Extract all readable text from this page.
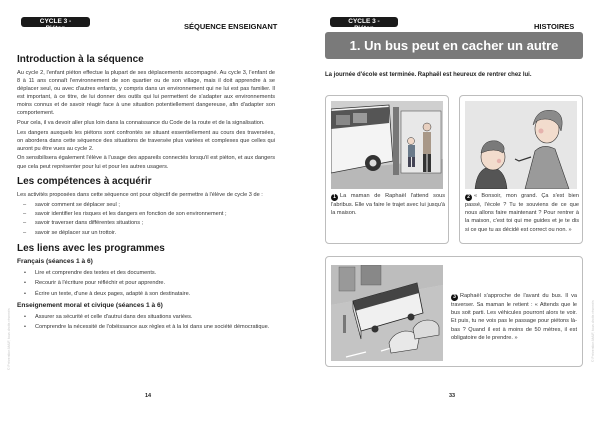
CYCLE 3 - Piéton	SÉQUENCE ENSEIGNANT
Introduction à la séquence

Au cycle 2, l'enfant piéton effectue la plupart de ses déplacements accompagné. Au cycle 3, l'enfant de 8 à 11 ans connaît l'environnement de son quartier ou de son village, mais il doit apprendre à se déplacer seul, ou avec d'autres enfants, y compris dans un environnement qui ne lui est pas familier. Il est important, à ce titre, de lui donner des outils qui lui permettent de s'adapter aux environnements moins connus et de savoir réagir face à une situation potentiellement dangereuse, afin d'adapter son comportement.

Pour cela, il va devoir aller plus loin dans la connaissance du Code de la route et de la signalisation.

Les dangers auxquels les piétons sont confrontés se situant essentiellement au cours des traversées, on abordera dans cette séquence des situations de traversée plus variées et complexes que celles qui auront pu être vues au cycle 2.

On sensibilisera également l'élève à l'usage des appareils connectés lorsqu'il est piéton, et aux dangers que cela peut représenter pour lui et pour les autres usagers.

Les compétences à acquérir

Les activités proposées dans cette séquence ont pour objectif de permettre à l'élève de cycle 3 de :

– savoir comment se déplacer seul ;
– savoir identifier les risques et les dangers en fonction de son environnement ;
– savoir traverser dans différentes situations ;
– savoir se déplacer sur un trottoir.
Les liens avec les programmes
Français (séances 1 à 6)
• Lire et comprendre des textes et des documents.
• Recourir à l'écriture pour réfléchir et pour apprendre.
• Écrire un texte, d'une à deux pages, adapté à son destinataire.
Enseignement moral et civique (séances 1 à 6)
• Assurer sa sécurité et celle d'autrui dans des situations variées.
• Comprendre la nécessité de l'obéissance aux règles et à la loi dans une société démocratique.
© Prévention MAIF, tous droits réservés
14
CYCLE 3 - Piéton	HISTOIRES
1. Un bus peut en cacher un autre
La journée d'école est terminée. Raphaël est heureux de rentrer chez lui.

1 La maman de Raphaël l'attend sous l'abribus. Elle va faire le trajet avec lui jusqu'à la maison.

2 « Bonsoir, mon grand. Ça s'est bien passé, l'école ? Tu te souviens de ce que nous allons faire maintenant ? Pour rentrer à la maison, c'est toi qui me guides et je te dis si ce que tu as décidé est correct ou non. »

3 Raphaël s'approche de l'avant du bus. Il va traverser. Sa maman le retient : « Attends que le bus soit parti. Les véhicules pourront alors te voir. Et puis, tu ne vois pas le passage pour piétons là-bas ? Quand il est à moins de 50 mètres, il est obligatoire de le prendre. »	© Prévention MAIF, tous droits réservés
33
